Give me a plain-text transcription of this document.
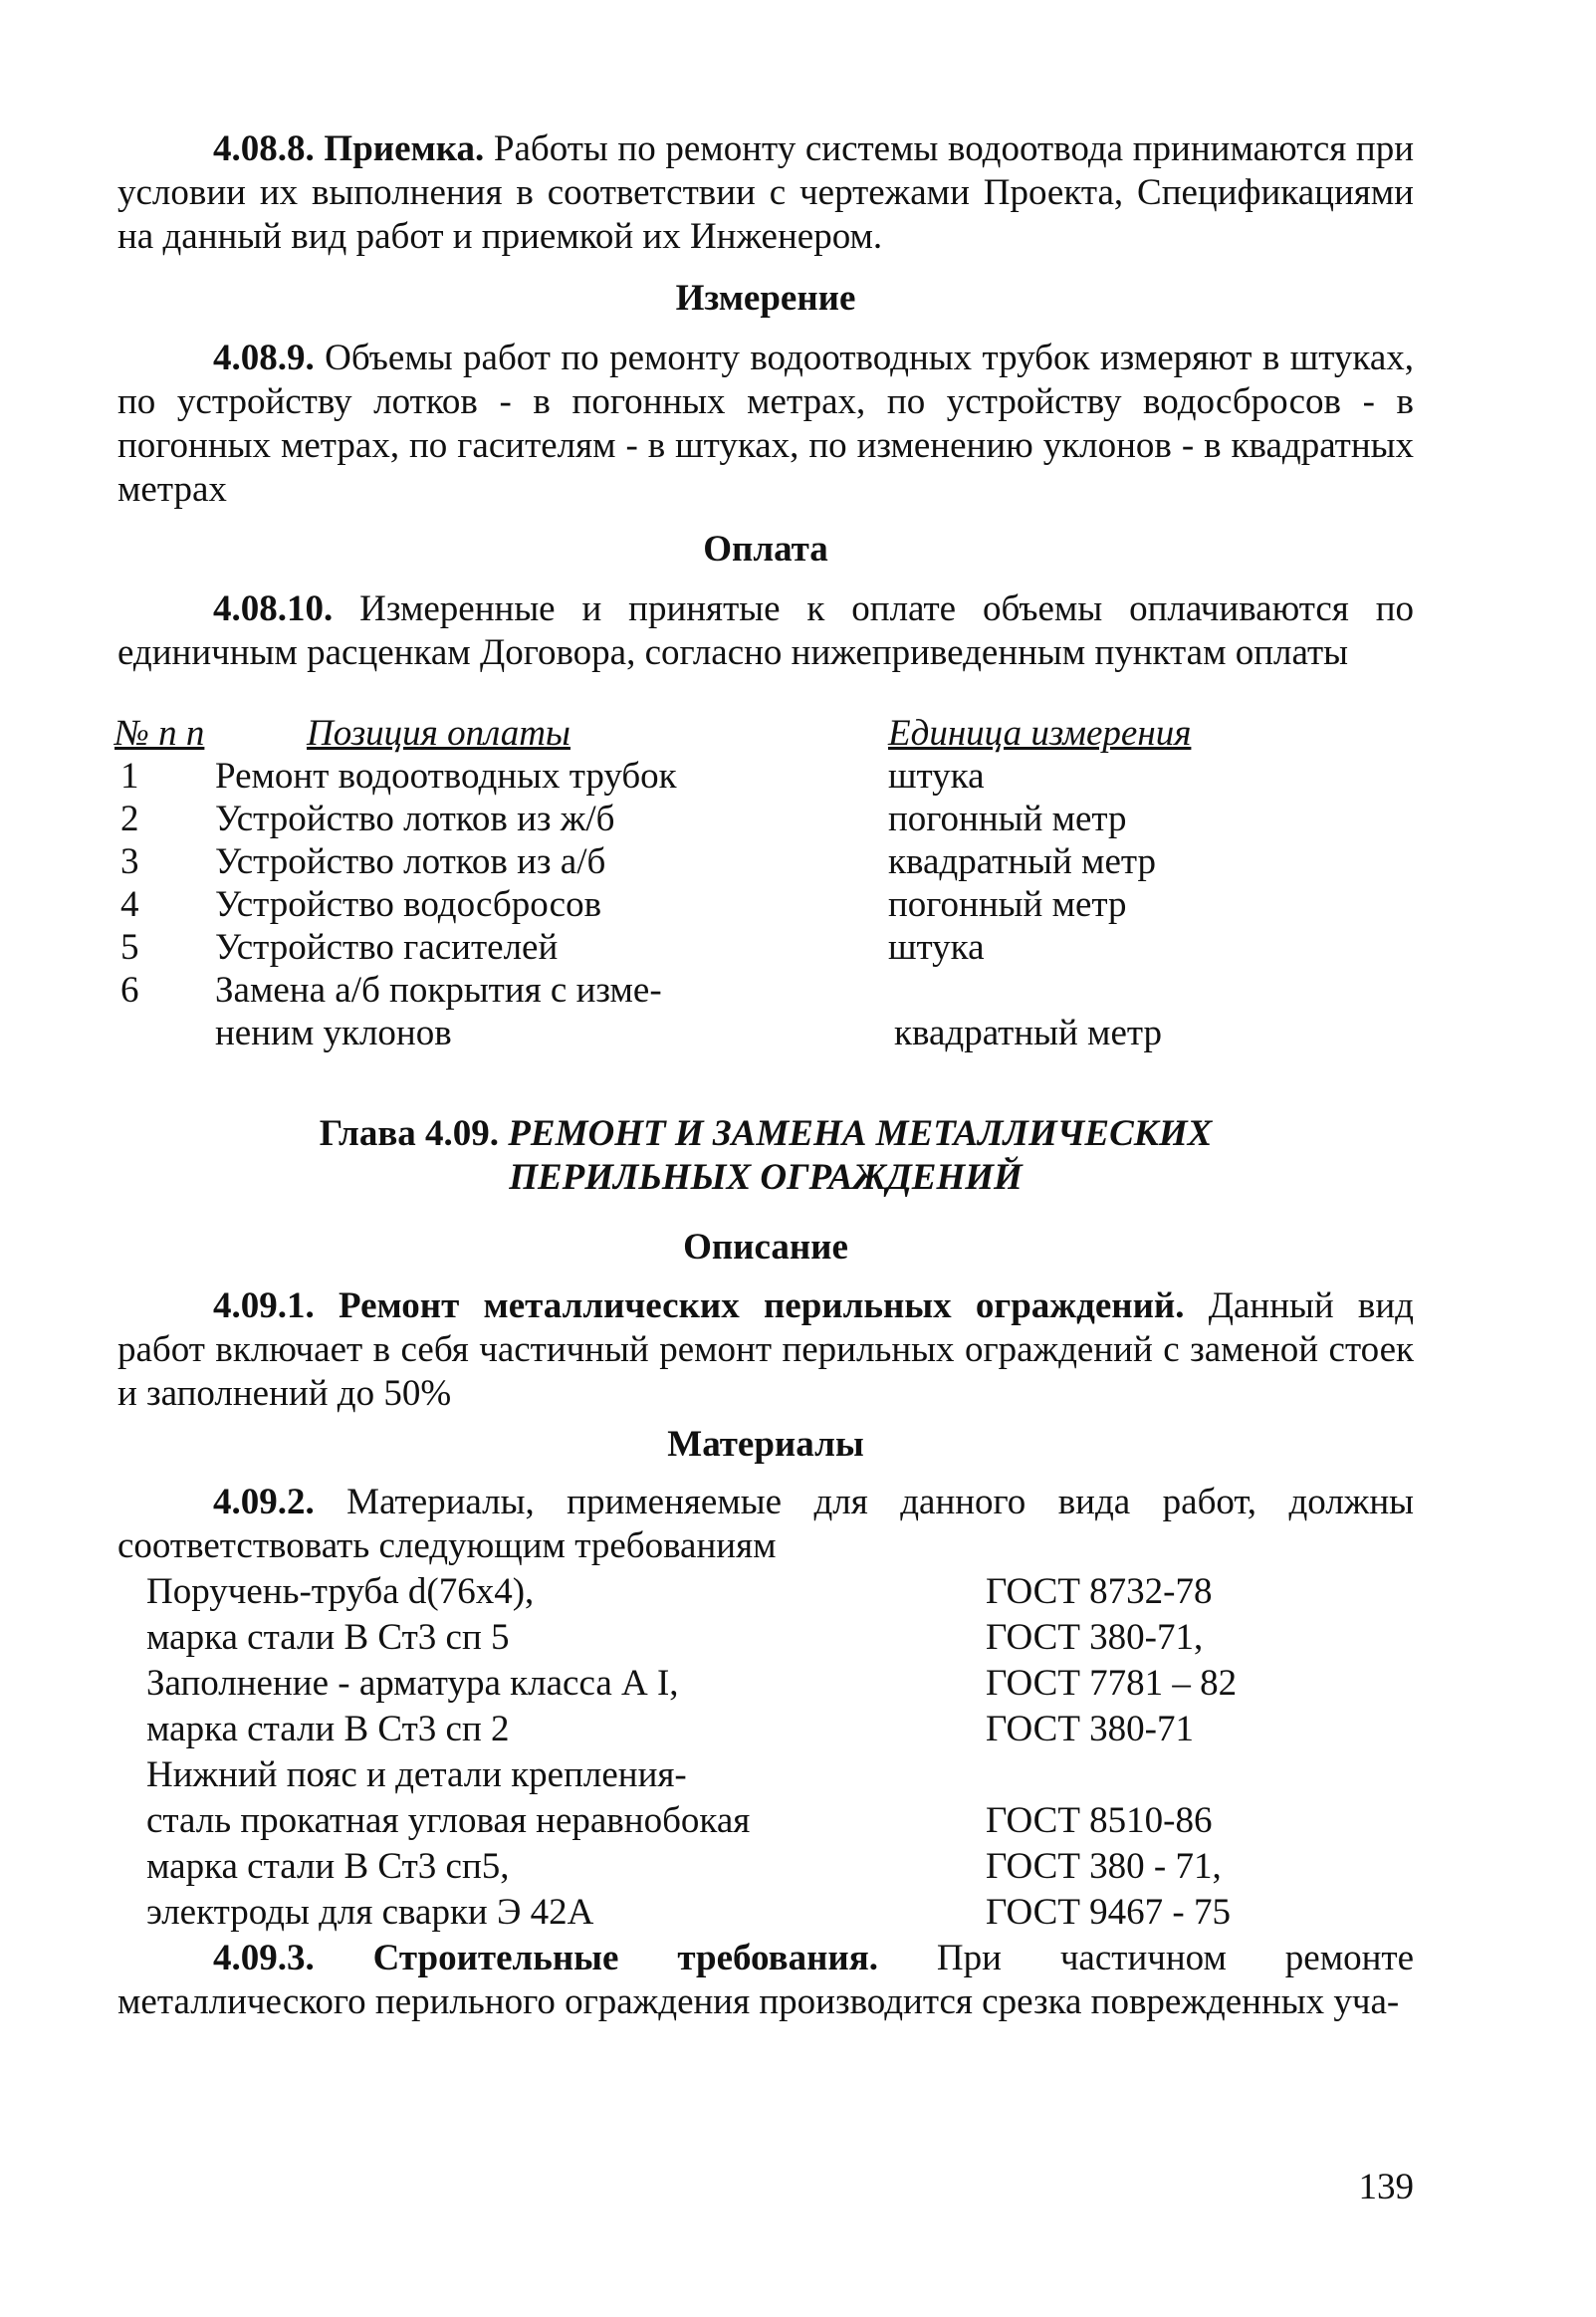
4.08.8. Приемка. Работы по ремонту системы водоотвода принимаются при условии их выполнения в соответствии с чертежами Проекта, Спецификациями на данный вид работ и приемкой их Инженером.

Измерение

4.08.9. Объемы работ по ремонту водоотводных трубок измеряют в штуках, по устройству лотков - в погонных метрах, по устройству водосбросов - в погонных метрах, по гасителям - в штуках, по изменению уклонов - в квадратных метрах

Оплата

4.08.10. Измеренные и принятые к оплате объемы оплачиваются по единичным расценкам Договора, согласно нижеприведенным пунктам оплаты

№ п п	Позиция оплаты	Единица измерения
1 Ремонт водоотводных трубок	штука
2 Устройство лотков из ж/б	погонный метр
3 Устройство лотков из а/б	квадратный метр
4 Устройство водосбросов	погонный метр
5 Устройство гасителей	штука
6 Замена а/б покрытия с изме-
неним уклонов	квадратный метр
Глава 4.09. РЕМОНТ И ЗАМЕНА МЕТАЛЛИЧЕСКИХ
ПЕРИЛЬНЫХ ОГРАЖДЕНИЙ
Описание

4.09.1. Ремонт металлических перильных ограждений. Данный вид работ включает в себя частичный ремонт перильных ограждений с заменой стоек и заполнений до 50%

Материалы

4.09.2. Материалы, применяемые для данного вида работ, должны соответствовать следующим требованиям

Поручень-труба d(76х4),	ГОСТ 8732-78
марка стали В Ст3 сп 5	ГОСТ 380-71,
Заполнение - арматура класса А I,	ГОСТ 7781 – 82
марка стали В Ст3 сп 2	ГОСТ 380-71
Нижний пояс и детали крепления-
сталь прокатная угловая неравнобокая	ГОСТ 8510-86
марка стали В Ст3 сп5,	ГОСТ 380 - 71,
электроды для сварки Э 42А	ГОСТ 9467 - 75

4.09.3. Строительные требования. При частичном ремонте металлического перильного ограждения производится срезка поврежденных уча-

139
